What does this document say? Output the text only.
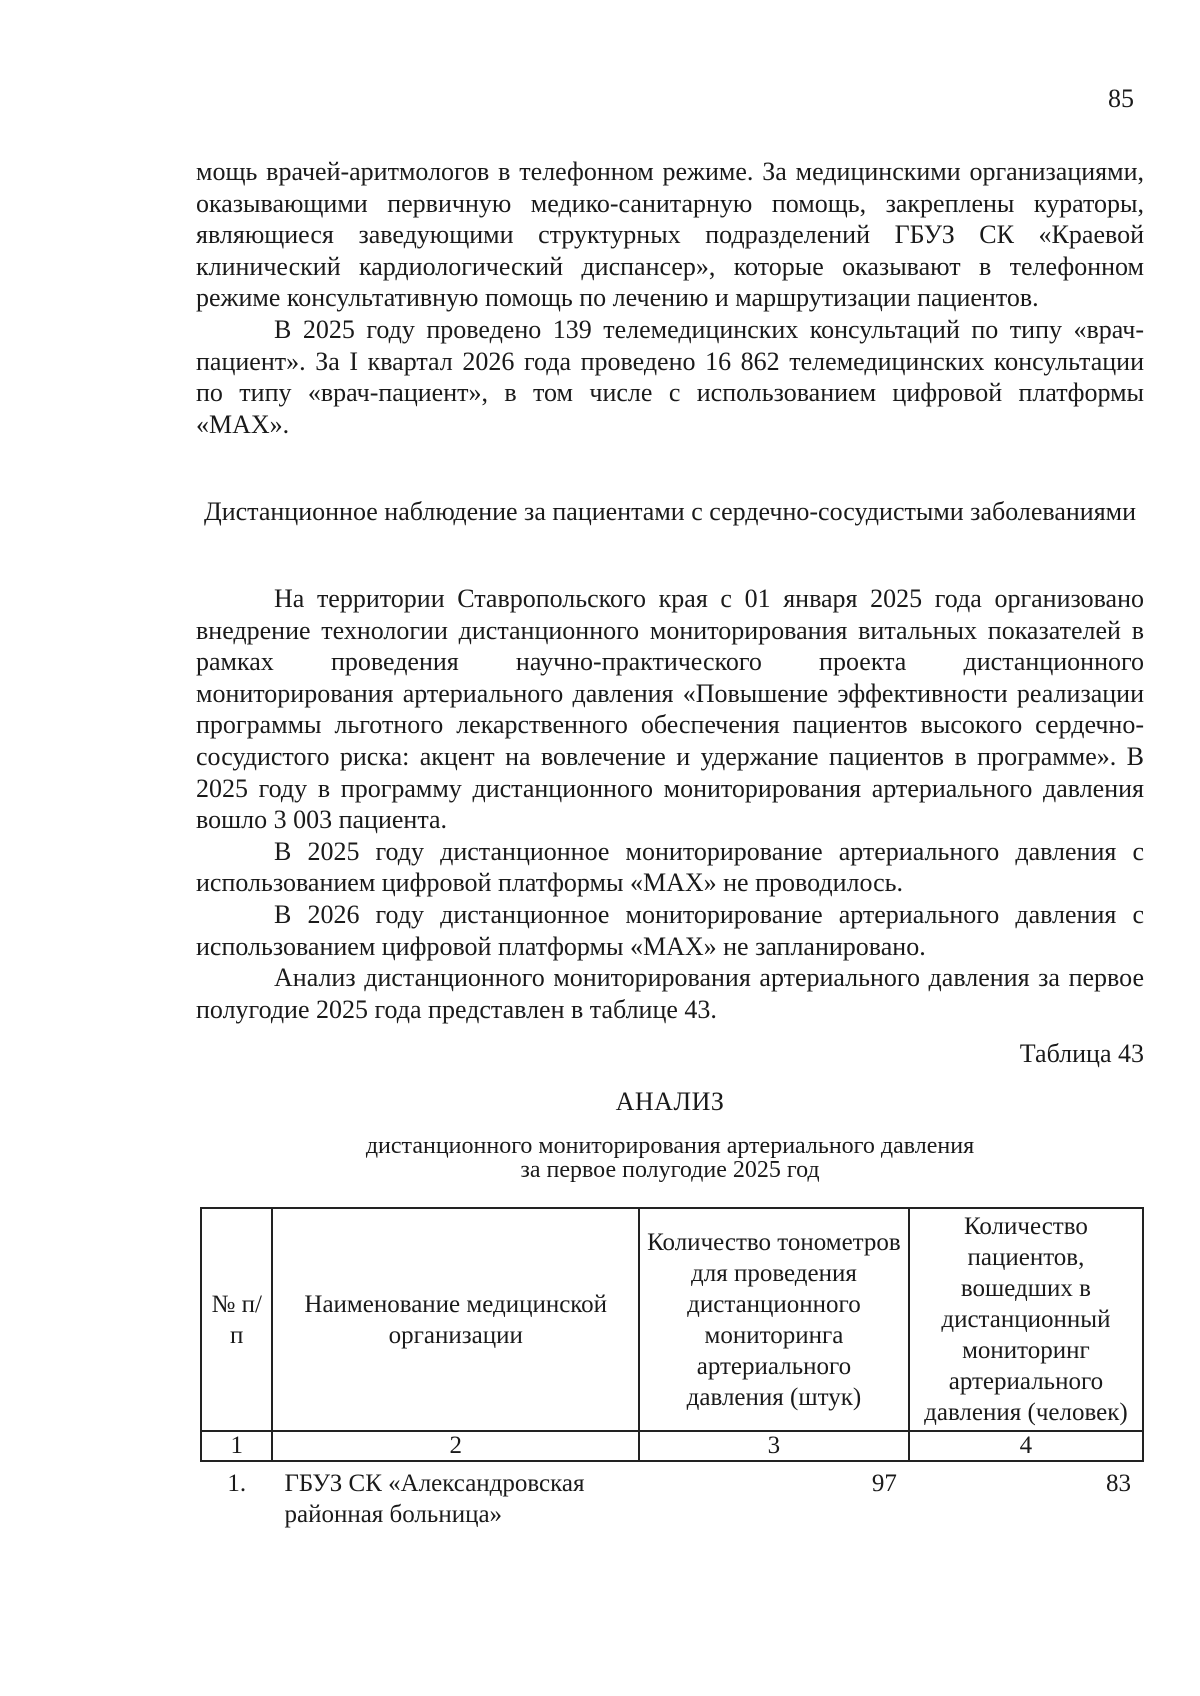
85

мощь врачей-аритмологов в телефонном режиме. За медицинскими организациями, оказывающими первичную медико-санитарную помощь, закреплены кураторы, являющиеся заведующими структурных подразделений ГБУЗ СК «Краевой клинический кардиологический диспансер», которые оказывают в телефонном режиме консультативную помощь по лечению и маршрутизации пациентов.

В 2025 году проведено 139 телемедицинских консультаций по типу «врач-пациент». За I квартал 2026 года проведено 16 862 телемедицинских консультации по типу «врач-пациент», в том числе с использованием цифровой платформы «МАХ».

Дистанционное наблюдение за пациентами с сердечно-сосудистыми заболеваниями

На территории Ставропольского края с 01 января 2025 года организовано внедрение технологии дистанционного мониторирования витальных показателей в рамках проведения научно-практического проекта дистанционного мониторирования артериального давления «Повышение эффективности реализации программы льготного лекарственного обеспечения пациентов высокого сердечно-сосудистого риска: акцент на вовлечение и удержание пациентов в программе». В 2025 году в программу дистанционного мониторирования артериального давления вошло 3 003 пациента.

В 2025 году дистанционное мониторирование артериального давления с использованием цифровой платформы «МАХ» не проводилось.

В 2026 году дистанционное мониторирование артериального давления с использованием цифровой платформы «МАХ» не запланировано.

Анализ дистанционного мониторирования артериального давления за первое полугодие 2025 года представлен в таблице 43.

Таблица 43
АНАЛИЗ
дистанционного мониторирования артериального давления
за первое полугодие 2025 год
№ п/п	Наименование медицинской организации	Количество тонометров для проведения дистанционного мониторинга артериального давления (штук)	Количество пациентов, вошедших в дистанционный мониторинг артериального давления (человек)
1	2	3	4
1.	ГБУЗ СК «Александровская районная больница»	97	83
